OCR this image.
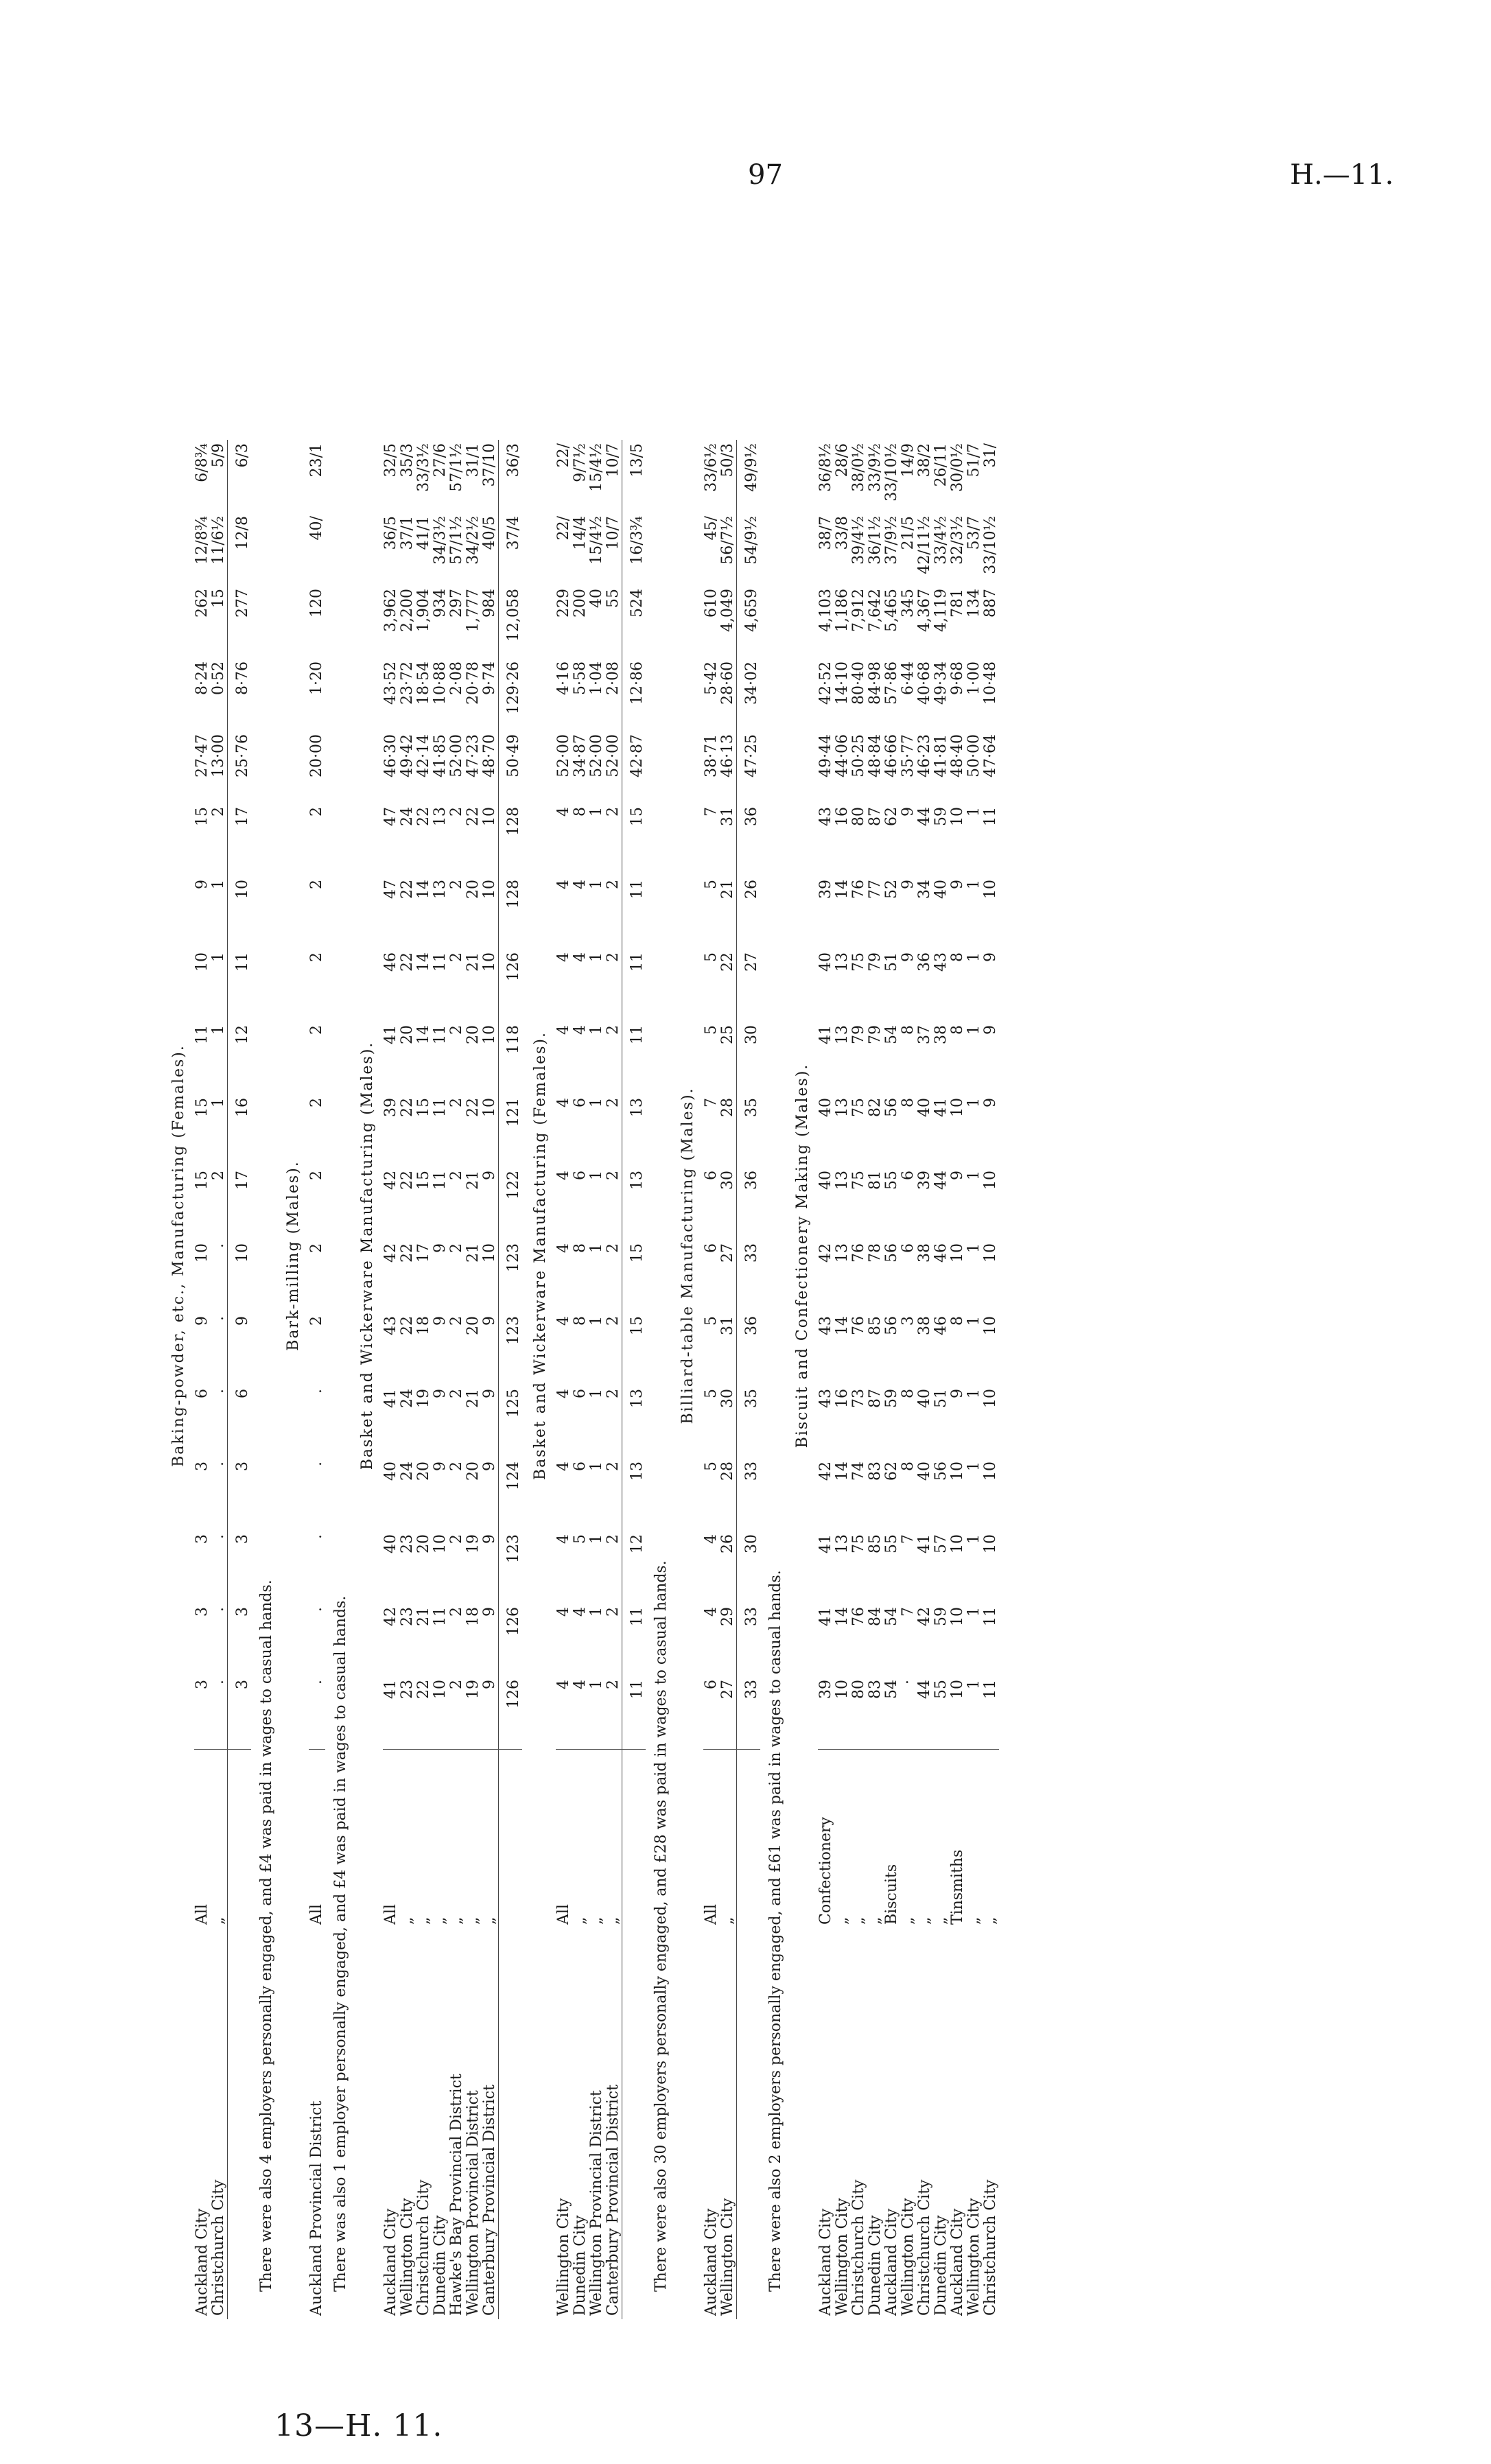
97	H.—11.
13—H. 11.
Baking-powder, etc., Manufacturing (Females).
Auckland City	All	3	3	3	3	6	9	10	15	15	11	10	9	15	27·47	8·24	262	12/8¾	6/8¾
Christchurch City	„	.	.	.	.	.	.	.	2	1	1	1	1	2	13·00	0·52	15	11/6½	5/9
		3	3	3	3	6	9	10	17	16	12	11	10	17	25·76	8·76	277	12/8	6/3
There were also 4 employers personally engaged, and £4 was paid in wages to casual hands.
Bark-milling (Males).
Auckland Provincial District	All	.	.	.	.	.	2	2	2	2	2	2	2	2	20·00	1·20	120	40/	23/1
There was also 1 employer personally engaged, and £4 was paid in wages to casual hands.
Basket and Wickerware Manufacturing (Males).
Auckland City	All	41	42	40	40	41	43	42	42	39	41	46	47	47	46·30	43·52	3,962	36/5	32/5
Wellington City	„	23	23	23	24	24	22	22	22	22	20	22	22	24	49·42	23·72	2,200	37/1	35/3
Christchurch City	„	22	21	20	20	19	18	17	15	15	14	14	14	22	42·14	18·54	1,904	41/1	33/3½
Dunedin City	„	10	11	10	9	9	9	9	11	11	11	11	13	13	41·85	10·88	934	34/3½	27/6
Hawke's Bay Provincial District	„	2	2	2	2	2	2	2	2	2	2	2	2	2	52·00	2·08	297	57/1½	57/1½
Wellington Provincial District	„	19	18	19	20	21	20	21	21	22	20	21	20	22	47·23	20·78	1,777	34/2½	31/1
Canterbury Provincial District	„	9	9	9	9	9	9	10	9	10	10	10	10	10	48·70	9·74	984	40/5	37/10
		126	126	123	124	125	123	123	122	121	118	126	128	128	50·49	129·26	12,058	37/4	36/3
Basket and Wickerware Manufacturing (Females).
Wellington City	All	4	4	4	4	4	4	4	4	4	4	4	4	4	52·00	4·16	229	22/	22/
Dunedin City	„	4	4	5	6	6	8	8	6	6	4	4	4	8	34·87	5·58	200	14/4	9/7½
Wellington Provincial District	„	1	1	1	1	1	1	1	1	1	1	1	1	1	52·00	1·04	40	15/4½	15/4½
Canterbury Provincial District	„	2	2	2	2	2	2	2	2	2	2	2	2	2	52·00	2·08	55	10/7	10/7
		11	11	12	13	13	15	15	13	13	11	11	11	15	42·87	12·86	524	16/3¾	13/5
There were also 30 employers personally engaged, and £28 was paid in wages to casual hands.
Billiard-table Manufacturing (Males).
Auckland City	All	6	4	4	5	5	5	6	6	7	5	5	5	7	38·71	5·42	610	45/	33/6½
Wellington City	„	27	29	26	28	30	31	27	30	28	25	22	21	31	46·13	28·60	4,049	56/7½	50/3
		33	33	30	33	35	36	33	36	35	30	27	26	36	47·25	34·02	4,659	54/9½	49/9½
There were also 2 employers personally engaged, and £61 was paid in wages to casual hands.
Biscuit and Confectionery Making (Males).
Auckland City	Confectionery	39	41	41	42	43	43	42	40	40	41	40	39	43	49·44	42·52	4,103	38/7	36/8½
Wellington City	„	10	14	13	14	16	14	13	13	13	13	13	14	16	44·06	14·10	1,186	33/8	28/6
Christchurch City	„	80	76	75	74	73	76	76	75	75	79	75	76	80	50·25	80·40	7,912	39/4½	38/0½
Dunedin City	„	83	84	85	83	87	85	78	81	82	79	79	77	87	48·84	84·98	7,642	36/1½	33/9½
Auckland City	Biscuits	54	54	55	62	59	56	56	55	56	54	51	52	62	46·66	57·86	5,465	37/9½	33/10½
Wellington City	„	·	7	7	8	8	3	6	6	8	8	9	9	9	35·77	6·44	345	21/5	14/9
Christchurch City	„	44	42	41	40	40	38	38	39	40	37	36	34	44	46·23	40·68	4,367	42/11½	38/2
Dunedin City	„	55	59	57	56	51	46	46	44	41	38	43	40	59	41·81	49·34	4,119	33/4½	26/11
Auckland City	Tinsmiths	10	10	10	10	9	8	10	9	10	8	8	9	10	48·40	9·68	781	32/3½	30/0½
Wellington City	„	1	1	1	1	1	1	1	1	1	1	1	1	1	50·00	1·00	134	53/7	51/7
Christchurch City	„	11	11	10	10	10	10	10	10	9	9	9	10	11	47·64	10·48	887	33/10½	31/
